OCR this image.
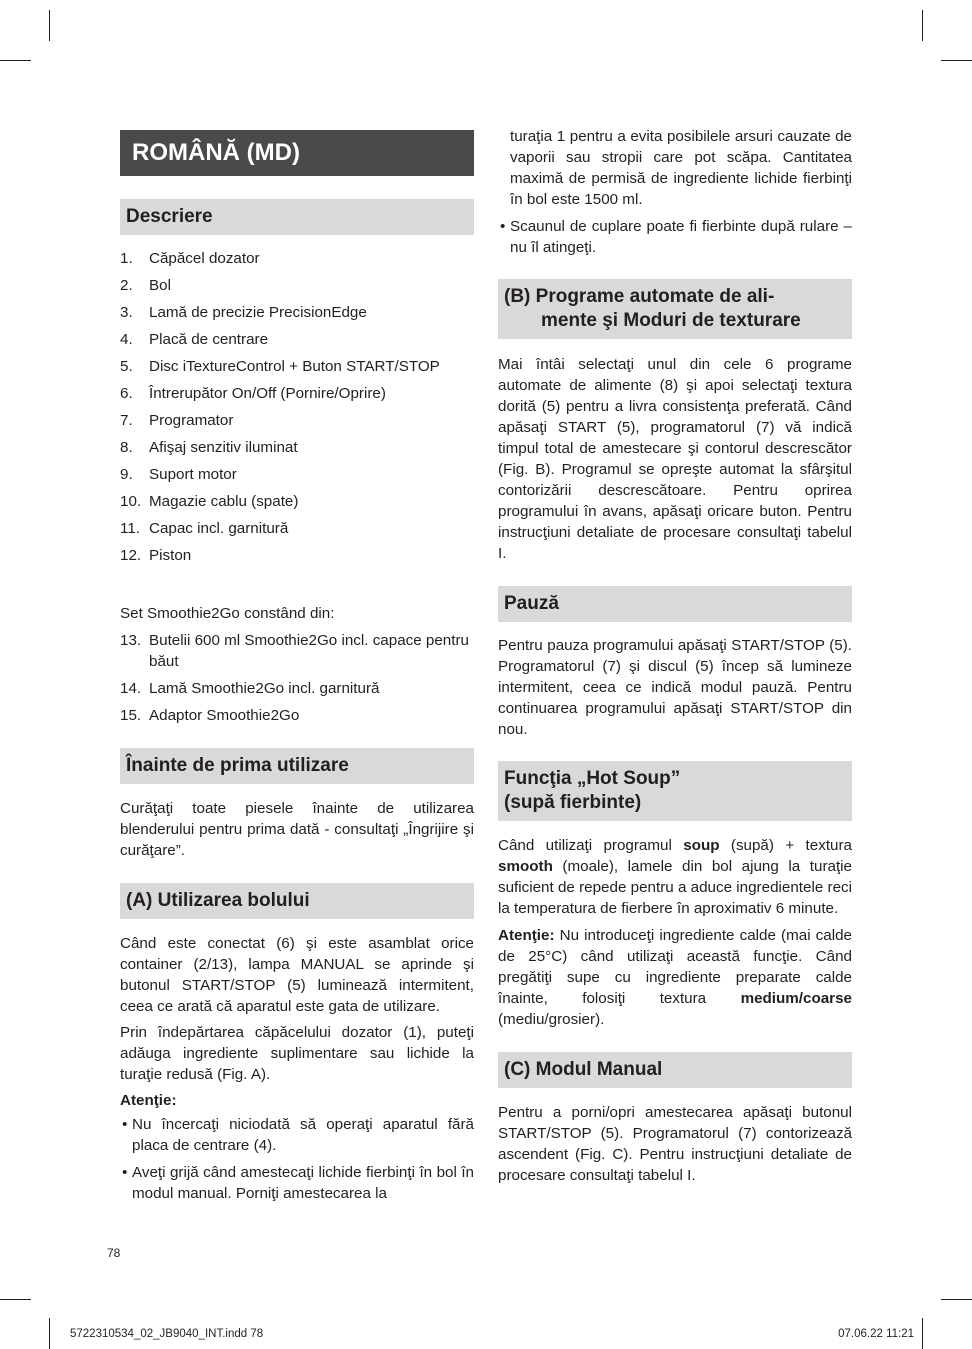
ROMÂNĂ (MD)
Descriere
1. Căpăcel dozator
2. Bol
3. Lamă de precizie PrecisionEdge
4. Placă de centrare
5. Disc iTextureControl + Buton START/STOP
6. Întrerupător On/Off (Pornire/Oprire)
7. Programator
8. Afişaj senzitiv iluminat
9. Suport motor
10. Magazie cablu (spate)
11. Capac incl. garnitură
12. Piston

Set Smoothie2Go constând din:

13. Butelii 600 ml Smoothie2Go incl. capace pentru băut
14. Lamă Smoothie2Go incl. garnitură
15. Adaptor Smoothie2Go
Înainte de prima utilizare

Curăţaţi toate piesele înainte de utilizarea blenderului pentru prima dată - consultaţi „Îngrijire şi curăţare”.

(A) Utilizarea bolului

Când este conectat (6) şi este asamblat orice container (2/13), lampa MANUAL se aprinde şi butonul START/STOP (5) luminează intermitent, ceea ce arată că aparatul este gata de utilizare.

Prin îndepărtarea căpăcelului dozator (1), puteţi adăuga ingrediente suplimentare sau lichide la turaţie redusă (Fig. A).

Atenţie:

• Nu încercaţi niciodată să operaţi aparatul fără placa de centrare (4).
• Aveţi grijă când amestecaţi lichide fierbinţi în bol în modul manual. Porniţi amestecarea la
turaţia 1 pentru a evita posibilele arsuri cauzate de vaporii sau stropii care pot scăpa. Cantitatea maximă de permisă de ingrediente lichide fierbinţi în bol este 1500 ml.
• Scaunul de cuplare poate fi fierbinte după rulare – nu îl atingeţi.
(B) Programe automate de ali-
mente şi Moduri de texturare

Mai întâi selectaţi unul din cele 6 programe automate de alimente (8) şi apoi selectaţi textura dorită (5) pentru a livra consistenţa preferată. Când apăsaţi START (5), programatorul (7) vă indică timpul total de amestecare şi contorul descrescător (Fig. B). Programul se opreşte automat la sfârşitul contorizării descrescătoare. Pentru oprirea programului în avans, apăsaţi oricare buton. Pentru instrucţiuni detaliate de procesare consultaţi tabelul I.

Pauză

Pentru pauza programului apăsaţi START/STOP (5). Programatorul (7) şi discul (5) încep să lumineze intermitent, ceea ce indică modul pauză. Pentru continuarea programului apăsaţi START/STOP din nou.

Funcţia „Hot Soup”
(supă fierbinte)

Când utilizaţi programul soup (supă) + textura smooth (moale), lamele din bol ajung la turaţie suficient de repede pentru a aduce ingredientele reci la temperatura de fierbere în aproximativ 6 minute.

Atenţie: Nu introduceţi ingrediente calde (mai calde de 25°C) când utilizaţi această funcţie. Când pregătiţi supe cu ingrediente preparate calde înainte, folosiţi textura medium/coarse (mediu/grosier).

(C) Modul Manual

Pentru a porni/opri amestecarea apăsaţi butonul START/STOP (5). Programatorul (7) contorizează ascendent (Fig. C). Pentru instrucţiuni detaliate de procesare consultaţi tabelul I.

78
5722310534_02_JB9040_INT.indd 78	07.06.22 11:21
